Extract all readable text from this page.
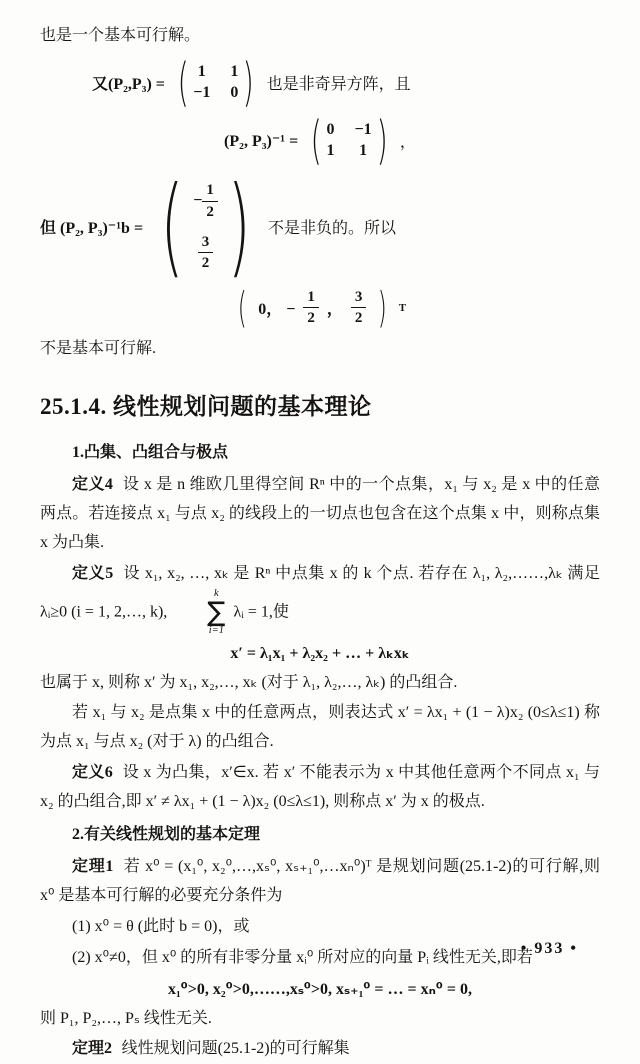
也是一个基本可行解。

又(P₂,P₃) = ( 1 1
−1 0 ) 也是非奇异方阵，且
(P₂, P₃)⁻¹ = ( 0 −1
1 1 ) ，
但 (P₂, P₃)⁻¹b = ( − $\frac{1}{2}$
$\frac{3}{2}$ ) 不是非负的。所以
( 0， − $\frac{1}{2}$ ， $\frac{3}{2}$ ) T

不是基本可行解.

25.1.4. 线性规划问题的基本理论

1.凸集、凸组合与极点

定义4 设 x 是 n 维欧几里得空间 Rⁿ 中的一个点集，x₁ 与 x₂ 是 x 中的任意两点。若连接点 x₁ 与点 x₂ 的线段上的一切点也包含在这个点集 x 中，则称点集 x 为凸集.

定义5 设 x₁, x₂, …, xₖ 是 Rⁿ 中点集 x 的 k 个点. 若存在 λ₁, λ₂,……,λₖ 满足 λᵢ≥0 (i = 1, 2,…, k),
k
∑
i=1
λᵢ = 1,使

x′ = λ₁x₁ + λ₂x₂ + … + λₖxₖ

也属于 x, 则称 x′ 为 x₁, x₂,…, xₖ (对于 λ₁, λ₂,…, λₖ) 的凸组合.

若 x₁ 与 x₂ 是点集 x 中的任意两点，则表达式 x′ = λx₁ + (1 − λ)x₂ (0≤λ≤1) 称为点 x₁ 与点 x₂ (对于 λ) 的凸组合.

定义6 设 x 为凸集，x′∈x. 若 x′ 不能表示为 x 中其他任意两个不同点 x₁ 与 x₂ 的凸组合,即 x′ ≠ λx₁ + (1 − λ)x₂ (0≤λ≤1), 则称点 x′ 为 x 的极点.

2.有关线性规划的基本定理

定理1 若 x⁰ = (x₁⁰, x₂⁰,…,xₛ⁰, xₛ₊₁⁰,…xₙ⁰)ᵀ 是规划问题(25.1-2)的可行解,则 x⁰ 是基本可行解的必要充分条件为

(1) x⁰ = θ (此时 b = 0)，或

(2) x⁰≠0，但 x⁰ 的所有非零分量 xᵢ⁰ 所对应的向量 Pᵢ 线性无关,即若

x₁⁰>0, x₂⁰>0,……,xₛ⁰>0, xₛ₊₁⁰ = … = xₙ⁰ = 0,

则 P₁, P₂,…, Pₛ 线性无关.

定理2 线性规划问题(25.1-2)的可行解集

• 933 •
